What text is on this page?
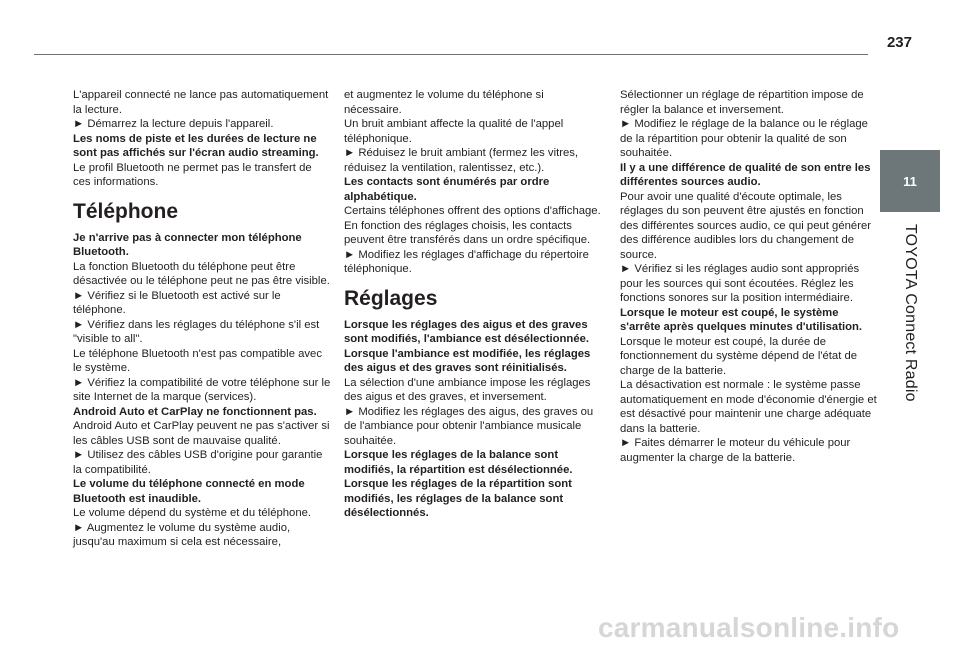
237
11
TOYOTA Connect Radio

L'appareil connecté ne lance pas automatiquement la lecture.

► Démarrez la lecture depuis l'appareil.

Les noms de piste et les durées de lecture ne sont pas affichés sur l'écran audio streaming.

Le profil Bluetooth ne permet pas le transfert de ces informations.

Téléphone

Je n'arrive pas à connecter mon téléphone Bluetooth.

La fonction Bluetooth du téléphone peut être désactivée ou le téléphone peut ne pas être visible.

► Vérifiez si le Bluetooth est activé sur le téléphone.

► Vérifiez dans les réglages du téléphone s'il est "visible to all".

Le téléphone Bluetooth n'est pas compatible avec le système.

► Vérifiez la compatibilité de votre téléphone sur le site Internet de la marque (services).

Android Auto et CarPlay ne fonctionnent pas.

Android Auto et CarPlay peuvent ne pas s'activer si les câbles USB sont de mauvaise qualité.

► Utilisez des câbles USB d'origine pour garantie la compatibilité.

Le volume du téléphone connecté en mode Bluetooth est inaudible.

Le volume dépend du système et du téléphone.

► Augmentez le volume du système audio, jusqu'au maximum si cela est nécessaire,

et augmentez le volume du téléphone si nécessaire.

Un bruit ambiant affecte la qualité de l'appel téléphonique.

► Réduisez le bruit ambiant (fermez les vitres, réduisez la ventilation, ralentissez, etc.).

Les contacts sont énumérés par ordre alphabétique.

Certains téléphones offrent des options d'affichage. En fonction des réglages choisis, les contacts peuvent être transférés dans un ordre spécifique.

► Modifiez les réglages d'affichage du répertoire téléphonique.

Réglages

Lorsque les réglages des aigus et des graves sont modifiés, l'ambiance est désélectionnée.

Lorsque l'ambiance est modifiée, les réglages des aigus et des graves sont réinitialisés.

La sélection d'une ambiance impose les réglages des aigus et des graves, et inversement.

► Modifiez les réglages des aigus, des graves ou de l'ambiance pour obtenir l'ambiance musicale souhaitée.

Lorsque les réglages de la balance sont modifiés, la répartition est désélectionnée.

Lorsque les réglages de la répartition sont modifiés, les réglages de la balance sont désélectionnés.

Sélectionner un réglage de répartition impose de régler la balance et inversement.

► Modifiez le réglage de la balance ou le réglage de la répartition pour obtenir la qualité de son souhaitée.

Il y a une différence de qualité de son entre les différentes sources audio.

Pour avoir une qualité d'écoute optimale, les réglages du son peuvent être ajustés en fonction des différentes sources audio, ce qui peut générer des différence audibles lors du changement de source.

► Vérifiez si les réglages audio sont appropriés pour les sources qui sont écoutées. Réglez les fonctions sonores sur la position intermédiaire.

Lorsque le moteur est coupé, le système s'arrête après quelques minutes d'utilisation.

Lorsque le moteur est coupé, la durée de fonctionnement du système dépend de l'état de charge de la batterie.

La désactivation est normale : le système passe automatiquement en mode d'économie d'énergie et est désactivé pour maintenir une charge adéquate dans la batterie.

► Faites démarrer le moteur du véhicule pour augmenter la charge de la batterie.

carmanualsonline.info
